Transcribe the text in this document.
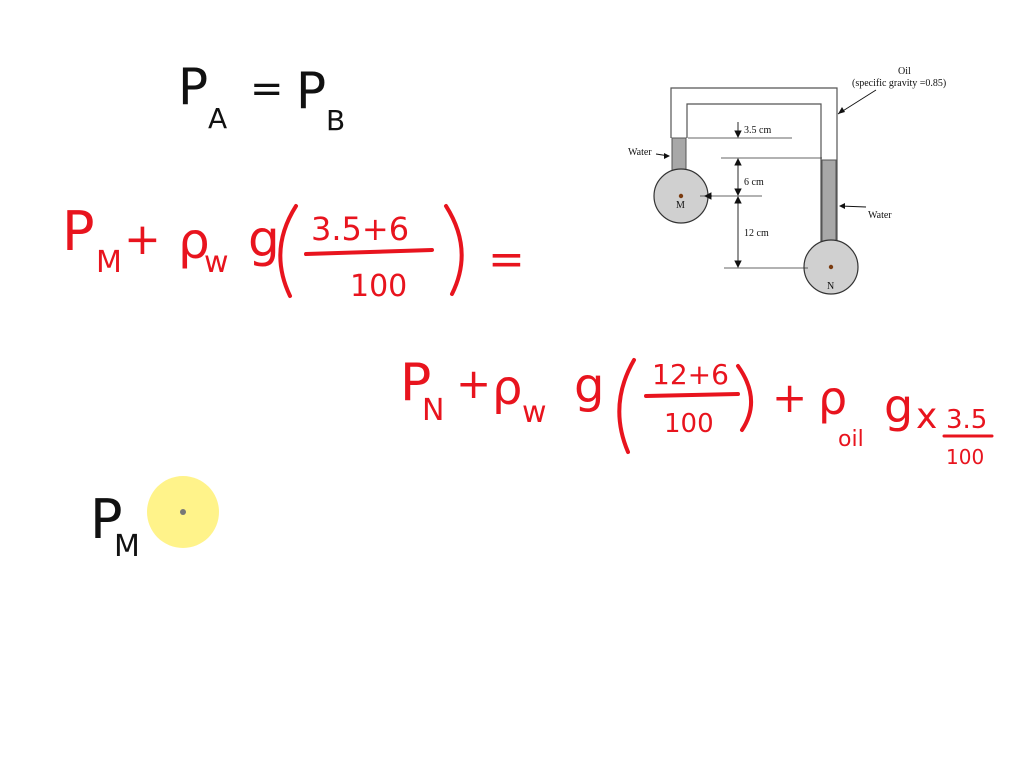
P
A
= P
B
P M + ρ
w g 3.5+6
100
=
P
N
+ ρ w g 12+6
100
+ ρ
oil
g x 3.5
100
P
M
M
N
3.5 cm
6 cm
12 cm
Oil
(specific gravity =0.85)
Water
Water
